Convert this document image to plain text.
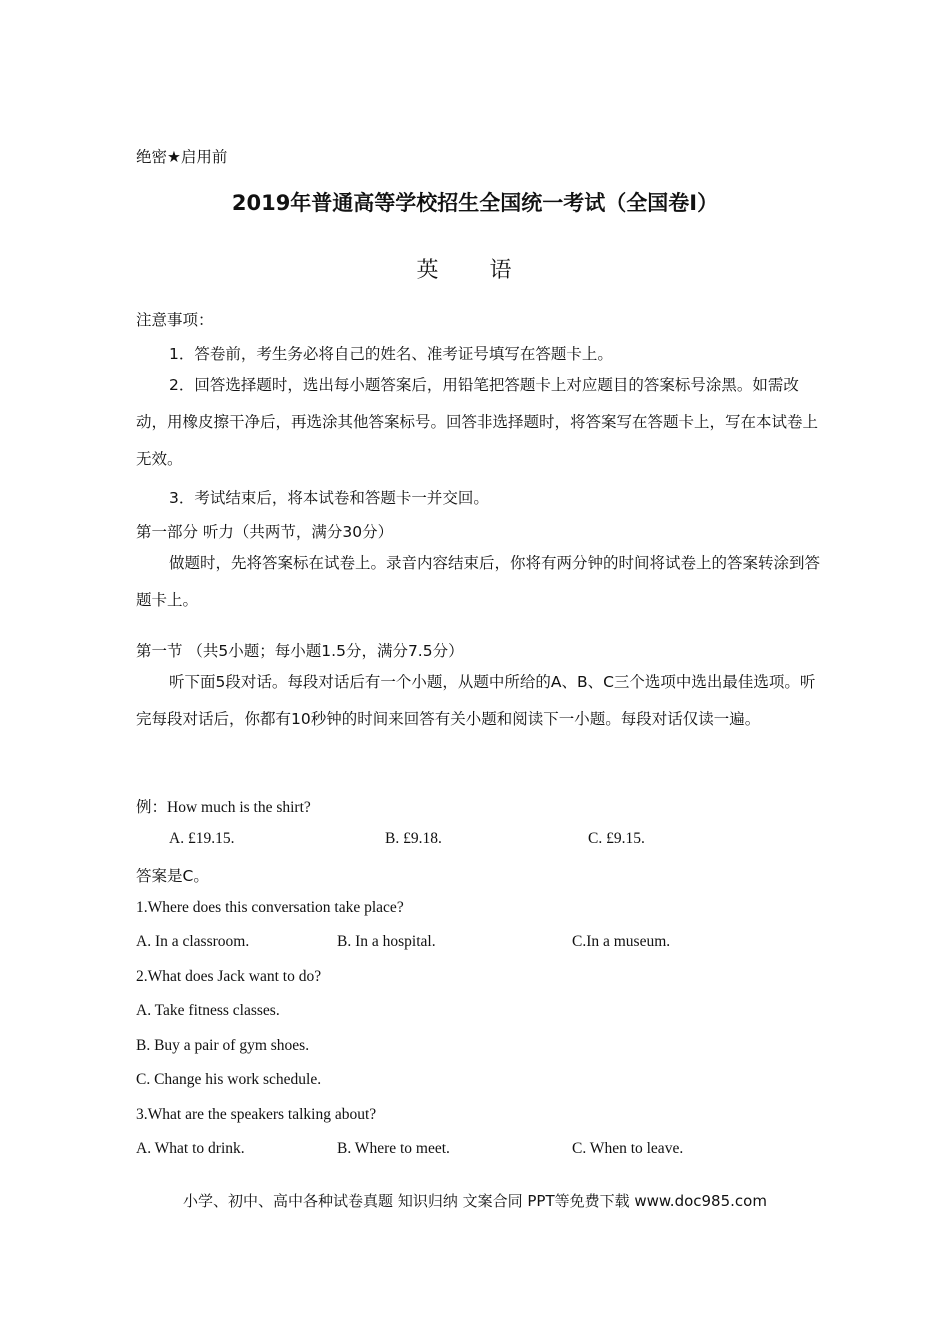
绝密★启用前
2019年普通高等学校招生全国统一考试（全国卷I）
英 语
注意事项：
1．答卷前，考生务必将自己的姓名、准考证号填写在答题卡上。
2．回答选择题时，选出每小题答案后，用铅笔把答题卡上对应题目的答案标号涂黑。如需改动，用橡皮擦干净后，再选涂其他答案标号。回答非选择题时，将答案写在答题卡上，写在本试卷上无效。
3．考试结束后，将本试卷和答题卡一并交回。
第一部分 听力（共两节，满分30分）
做题时，先将答案标在试卷上。录音内容结束后，你将有两分钟的时间将试卷上的答案转涂到答题卡上。
第一节 （共5小题；每小题1.5分，满分7.5分）
听下面5段对话。每段对话后有一个小题，从题中所给的A、B、C三个选项中选出最佳选项。听完每段对话后，你都有10秒钟的时间来回答有关小题和阅读下一小题。每段对话仅读一遍。
例：How much is the shirt?
A. £19.15.	B. £9.18.	C. £9.15.
答案是C。
1.Where does this conversation take place?
A. In a classroom.	B. In a hospital.	C.In a museum.
2.What does Jack want to do?
A. Take fitness classes.
B. Buy a pair of gym shoes.
C. Change his work schedule.
3.What are the speakers talking about?
A. What to drink.	B. Where to meet.	C. When to leave.
小学、初中、高中各种试卷真题 知识归纳 文案合同 PPT等免费下载 www.doc985.com
